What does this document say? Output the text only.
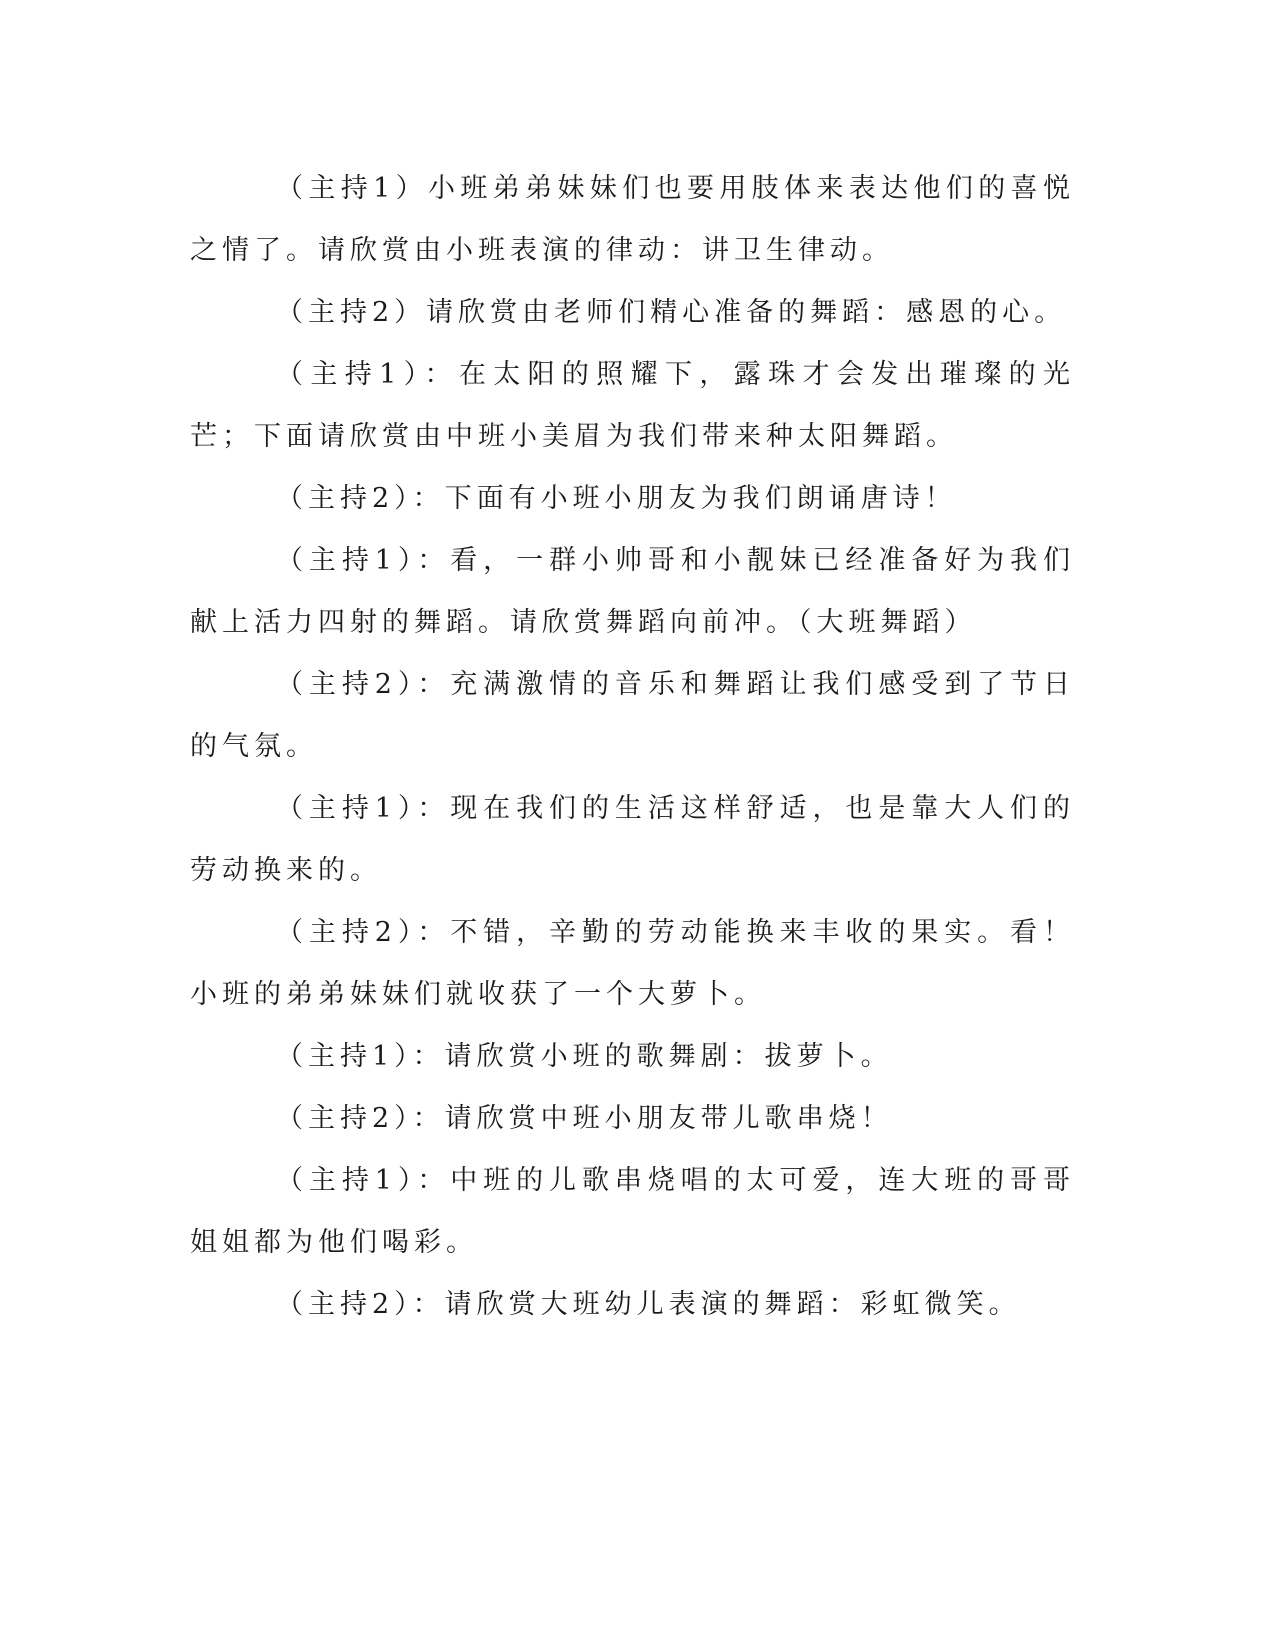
（主持1）小班弟弟妹妹们也要用肢体来表达他们的喜悦之情了。请欣赏由小班表演的律动：讲卫生律动。

（主持2）请欣赏由老师们精心准备的舞蹈：感恩的心。

（主持1）：在太阳的照耀下，露珠才会发出璀璨的光芒；下面请欣赏由中班小美眉为我们带来种太阳舞蹈。

（主持2）：下面有小班小朋友为我们朗诵唐诗！

（主持1）：看，一群小帅哥和小靓妹已经准备好为我们献上活力四射的舞蹈。请欣赏舞蹈向前冲。（大班舞蹈）

（主持2）：充满激情的音乐和舞蹈让我们感受到了节日的气氛。

（主持1）：现在我们的生活这样舒适，也是靠大人们的劳动换来的。

（主持2）：不错，辛勤的劳动能换来丰收的果实。看！小班的弟弟妹妹们就收获了一个大萝卜。

（主持1）：请欣赏小班的歌舞剧：拔萝卜。

（主持2）：请欣赏中班小朋友带儿歌串烧！

（主持1）：中班的儿歌串烧唱的太可爱，连大班的哥哥姐姐都为他们喝彩。

（主持2）：请欣赏大班幼儿表演的舞蹈：彩虹微笑。
